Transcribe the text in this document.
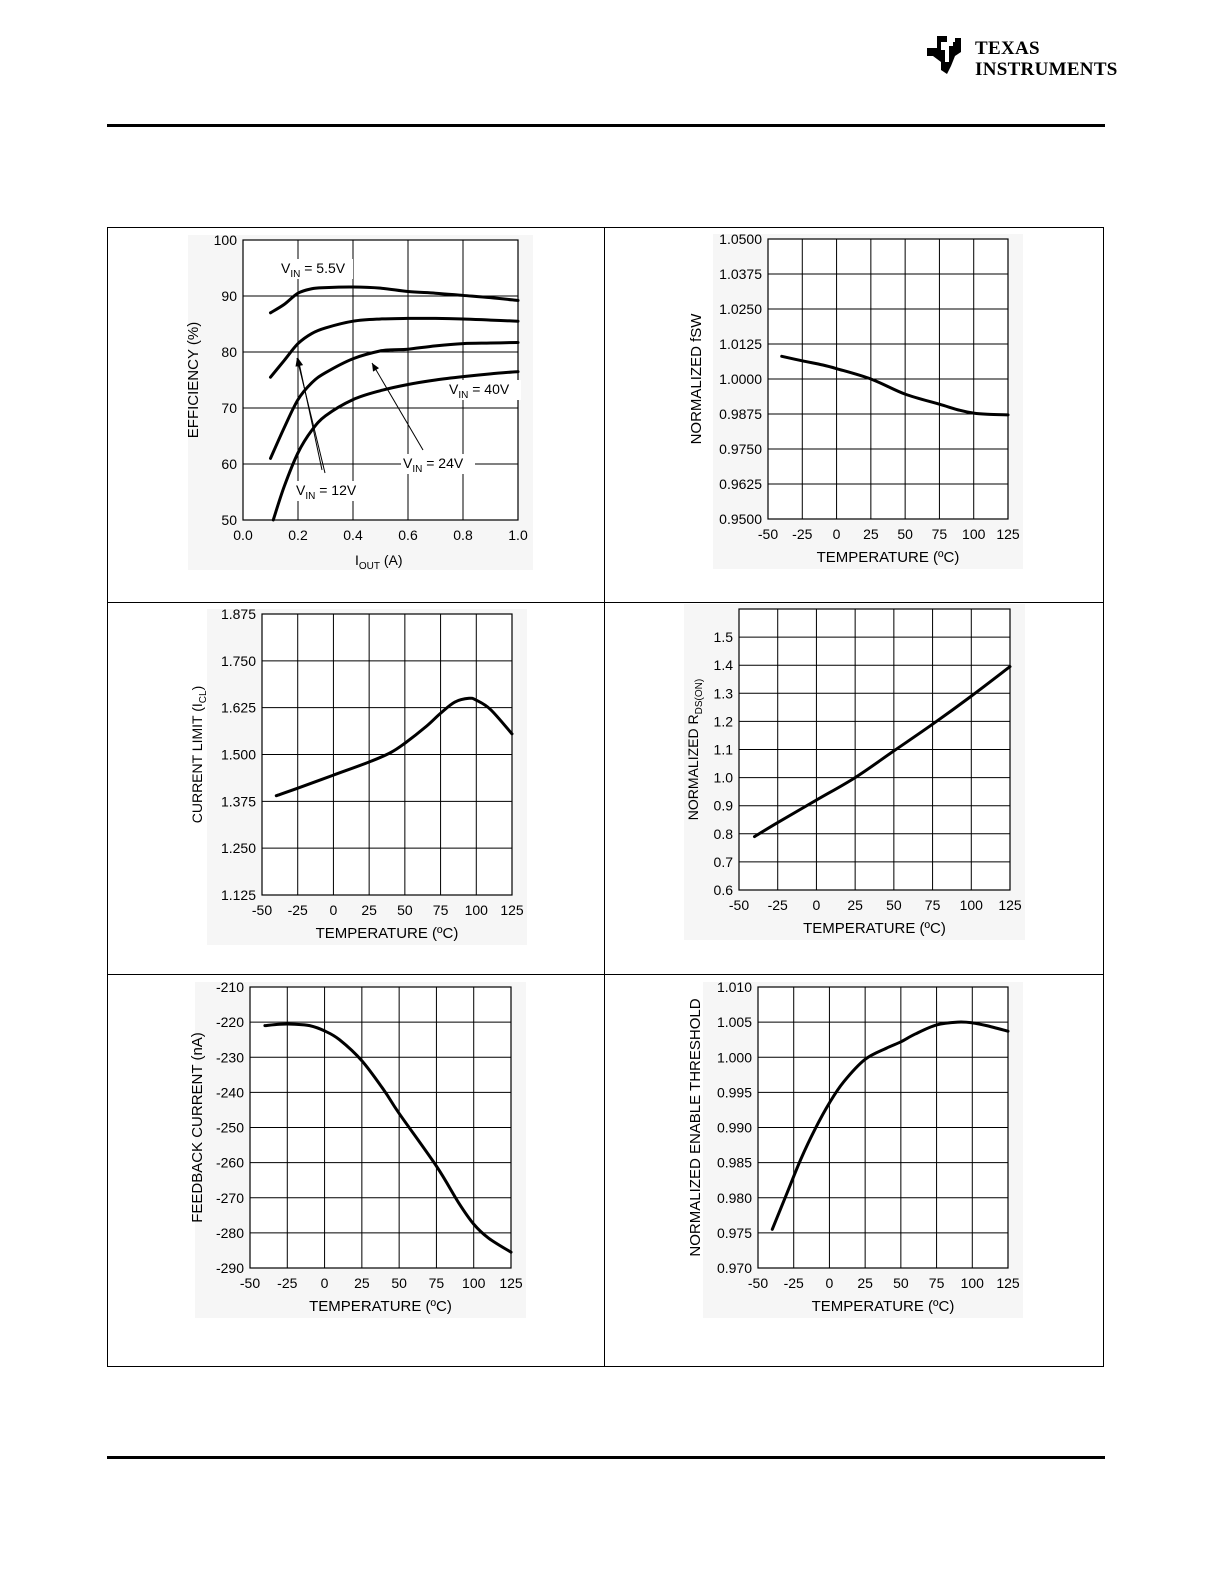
TEXAS
INSTRUMENTS
0.0	0.2	0.4	0.6	0.8	1.0
50
60
70
80
90
100
$I_{OUT}$ (A)
EFFICIENCY (%)
$V_{IN} = 5.5V$
$V_{IN} = 12V$
$V_{IN} = 24V$
$V_{IN} = 40V$
-50 -25 0 25 50 75 100 125
0.9500
0.9625
0.9750
0.9875
1.0000
1.0125
1.0250
1.0375
1.0500
TEMPERATURE (ºC)
NORMALIZED fSW
-50 -25 0 25 50 75 100 125
1.125
1.250
1.375
1.500
1.625
1.750
1.875
TEMPERATURE (ºC)
CURRENT LIMIT $(I_{CL})$
-50 -25 0 25 50 75 100 125
0.6
0.7
0.8
0.9
1.0
1.1
1.2
1.3
1.4
1.5
TEMPERATURE (ºC)
NORMALIZED $R_{DS(ON)}$
-50 -25 0 25 50 75 100 125
-290
-280
-270
-260
-250
-240
-230
-220
-210
TEMPERATURE (ºC)
FEEDBACK CURRENT (nA)
-50 -25 0 25 50 75 100 125
0.970
0.975
0.980
0.985
0.990
0.995
1.000
1.005
1.010
TEMPERATURE (ºC)
NORMALIZED ENABLE THRESHOLD
